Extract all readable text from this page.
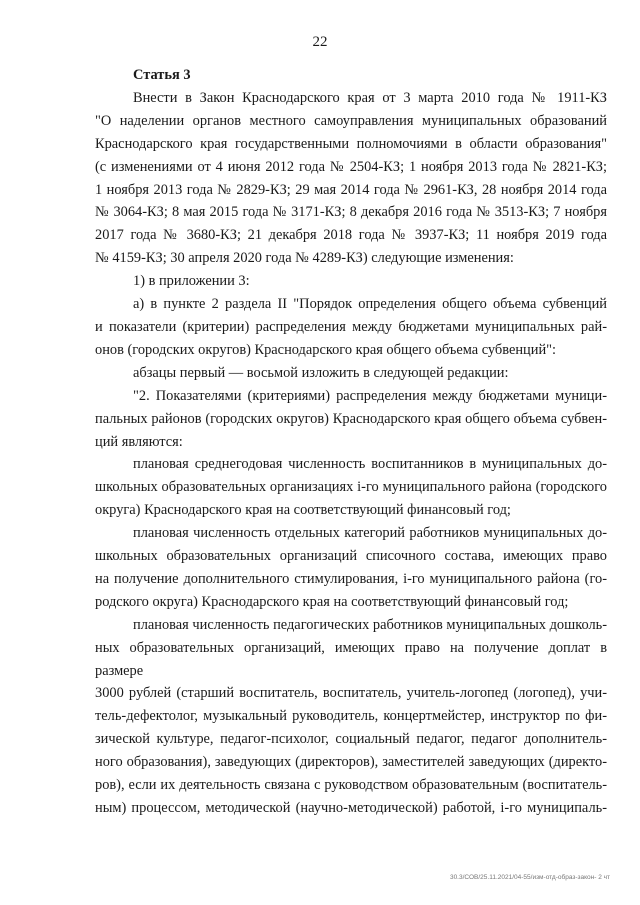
22

Статья 3

Внести в Закон Краснодарского края от 3 марта 2010 года № 1911-КЗ

"О наделении органов местного самоуправления муниципальных образований

Краснодарского края государственными полномочиями в области образования"

(с изменениями от 4 июня 2012 года № 2504-КЗ; 1 ноября 2013 года № 2821-КЗ;

1 ноября 2013 года № 2829-КЗ; 29 мая 2014 года № 2961-КЗ, 28 ноября 2014 года

№ 3064-КЗ; 8 мая 2015 года № 3171-КЗ; 8 декабря 2016 года № 3513-КЗ; 7 ноября

2017 года № 3680-КЗ; 21 декабря 2018 года № 3937-КЗ; 11 ноября 2019 года

№ 4159-КЗ; 30 апреля 2020 года № 4289-КЗ) следующие изменения:

1) в приложении 3:

а) в пункте 2 раздела II "Порядок определения общего объема субвенций

и показатели (критерии) распределения между бюджетами муниципальных рай-

онов (городских округов) Краснодарского края общего объема субвенций":

абзацы первый — восьмой изложить в следующей редакции:

"2. Показателями (критериями) распределения между бюджетами муници-

пальных районов (городских округов) Краснодарского края общего объема субвен-

ций являются:

плановая среднегодовая численность воспитанников в муниципальных до-

школьных образовательных организациях i-го муниципального района (городского

округа) Краснодарского края на соответствующий финансовый год;

плановая численность отдельных категорий работников муниципальных до-

школьных образовательных организаций списочного состава, имеющих право

на получение дополнительного стимулирования, i-го муниципального района (го-

родского округа) Краснодарского края на соответствующий финансовый год;

плановая численность педагогических работников муниципальных дошколь-

ных образовательных организаций, имеющих право на получение доплат в размере

3000 рублей (старший воспитатель, воспитатель, учитель-логопед (логопед), учи-

тель-дефектолог, музыкальный руководитель, концертмейстер, инструктор по фи-

зической культуре, педагог-психолог, социальный педагог, педагог дополнитель-

ного образования), заведующих (директоров), заместителей заведующих (директо-

ров), если их деятельность связана с руководством образовательным (воспитатель-

ным) процессом, методической (научно-методической) работой, i-го муниципаль-

30.3/СОВ/25.11.2021/04-55/изм-отд-образ-закон- 2 чт
